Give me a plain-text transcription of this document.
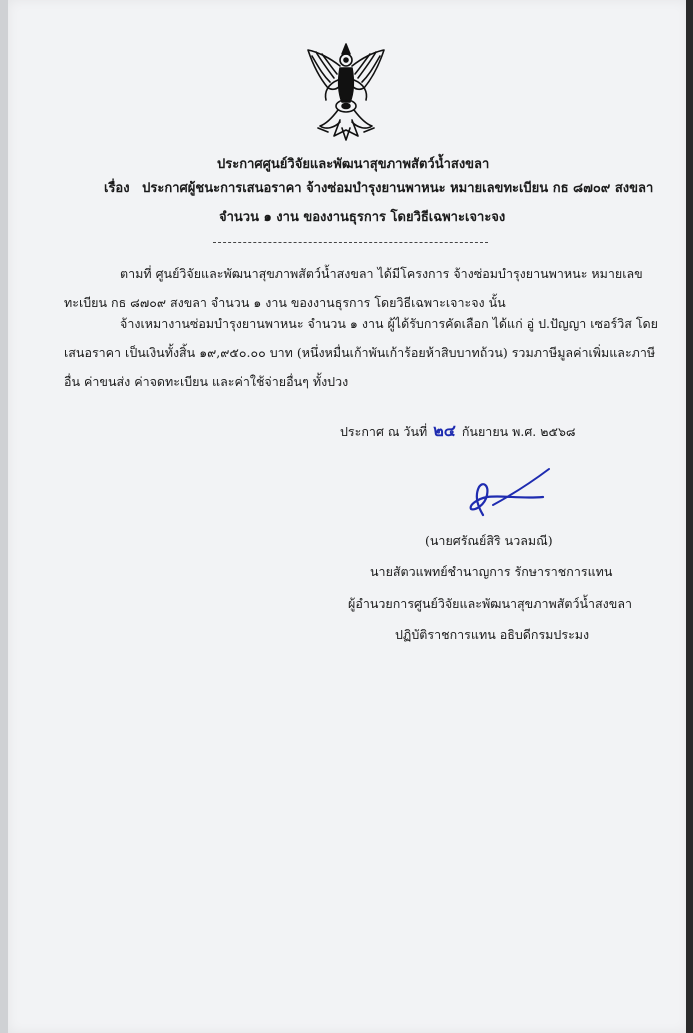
ประกาศศูนย์วิจัยและพัฒนาสุขภาพสัตว์น้ำสงขลา
เรื่อง ประกาศผู้ชนะการเสนอราคา จ้างซ่อมบำรุงยานพาหนะ หมายเลขทะเบียน กธ ๘๗๐๙ สงขลา
จำนวน ๑ งาน ของงานธุรการ โดยวิธีเฉพาะเจาะจง
ตามที่ ศูนย์วิจัยและพัฒนาสุขภาพสัตว์น้ำสงขลา ได้มีโครงการ จ้างซ่อมบำรุงยานพาหนะ หมายเลข
ทะเบียน กธ ๘๗๐๙ สงขลา จำนวน ๑ งาน ของงานธุรการ โดยวิธีเฉพาะเจาะจง นั้น
จ้างเหมางานซ่อมบำรุงยานพาหนะ จำนวน ๑ งาน ผู้ได้รับการคัดเลือก ได้แก่ อู่ ป.ปัญญา เซอร์วิส โดย
เสนอราคา เป็นเงินทั้งสิ้น ๑๙,๙๕๐.๐๐ บาท (หนึ่งหมื่นเก้าพันเก้าร้อยห้าสิบบาทถ้วน) รวมภาษีมูลค่าเพิ่มและภาษี
อื่น ค่าขนส่ง ค่าจดทะเบียน และค่าใช้จ่ายอื่นๆ ทั้งปวง
ประกาศ ณ วันที่ ๒๔ กันยายน พ.ศ. ๒๕๖๘
(นายศรัณย์สิริ นวลมณี)
นายสัตวแพทย์ชำนาญการ รักษาราชการแทน
ผู้อำนวยการศูนย์วิจัยและพัฒนาสุขภาพสัตว์น้ำสงขลา
ปฏิบัติราชการแทน อธิบดีกรมประมง
